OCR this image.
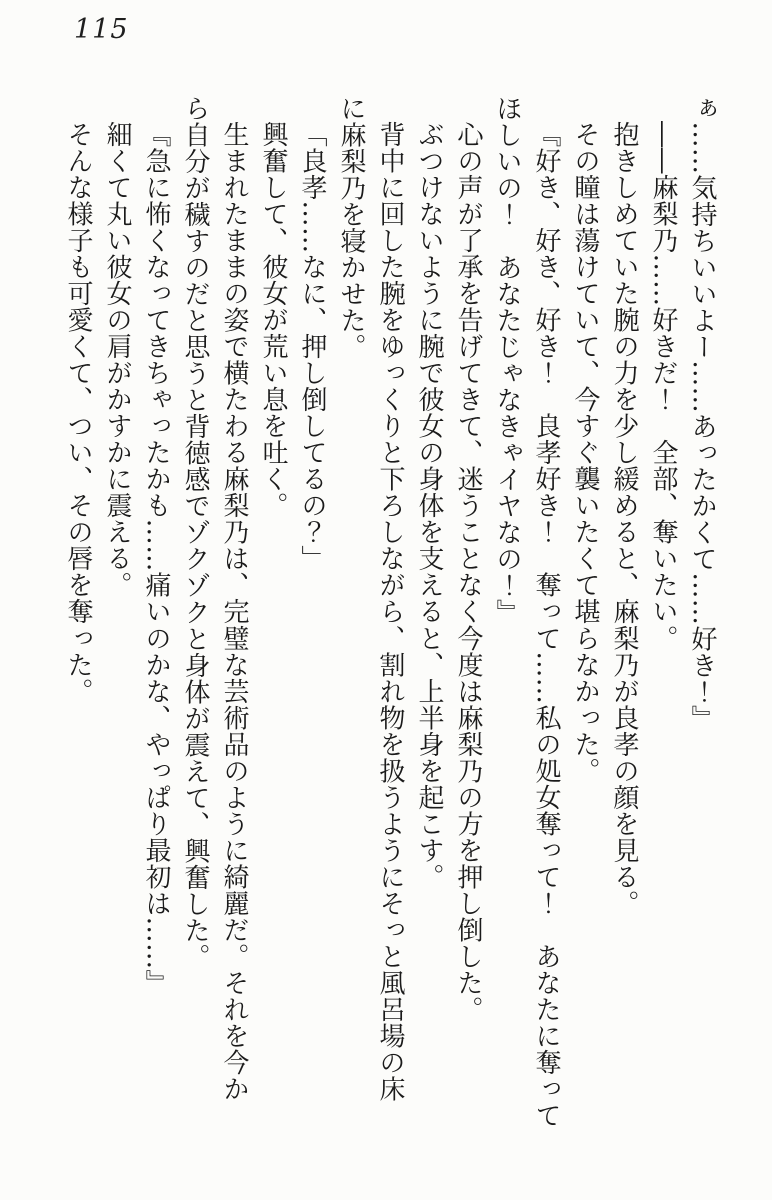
115

ぁ……気持ちいいよー……あったかくて……好き！』

――麻梨乃……好きだ！　全部、奪いたい。

抱きしめていた腕の力を少し緩めると、麻梨乃が良孝の顔を見る。

その瞳は蕩けていて、今すぐ襲いたくて堪らなかった。

『好き、好き、好き！　良孝好き！　奪って……私の処女奪って！　あなたに奪って

ほしいの！　あなたじゃなきゃイヤなの！』

心の声が了承を告げてきて、迷うことなく今度は麻梨乃の方を押し倒した。

ぶつけないように腕で彼女の身体を支えると、上半身を起こす。

背中に回した腕をゆっくりと下ろしながら、割れ物を扱うようにそっと風呂場の床

に麻梨乃を寝かせた。

「良孝……なに、押し倒してるの？」

興奮して、彼女が荒い息を吐く。

生まれたままの姿で横たわる麻梨乃は、完璧な芸術品のように綺麗だ。それを今か

ら自分が穢すのだと思うと背徳感でゾクゾクと身体が震えて、興奮した。

『急に怖くなってきちゃったかも……痛いのかな、やっぱり最初は……』

細くて丸い彼女の肩がかすかに震える。

そんな様子も可愛くて、つい、その唇を奪った。
